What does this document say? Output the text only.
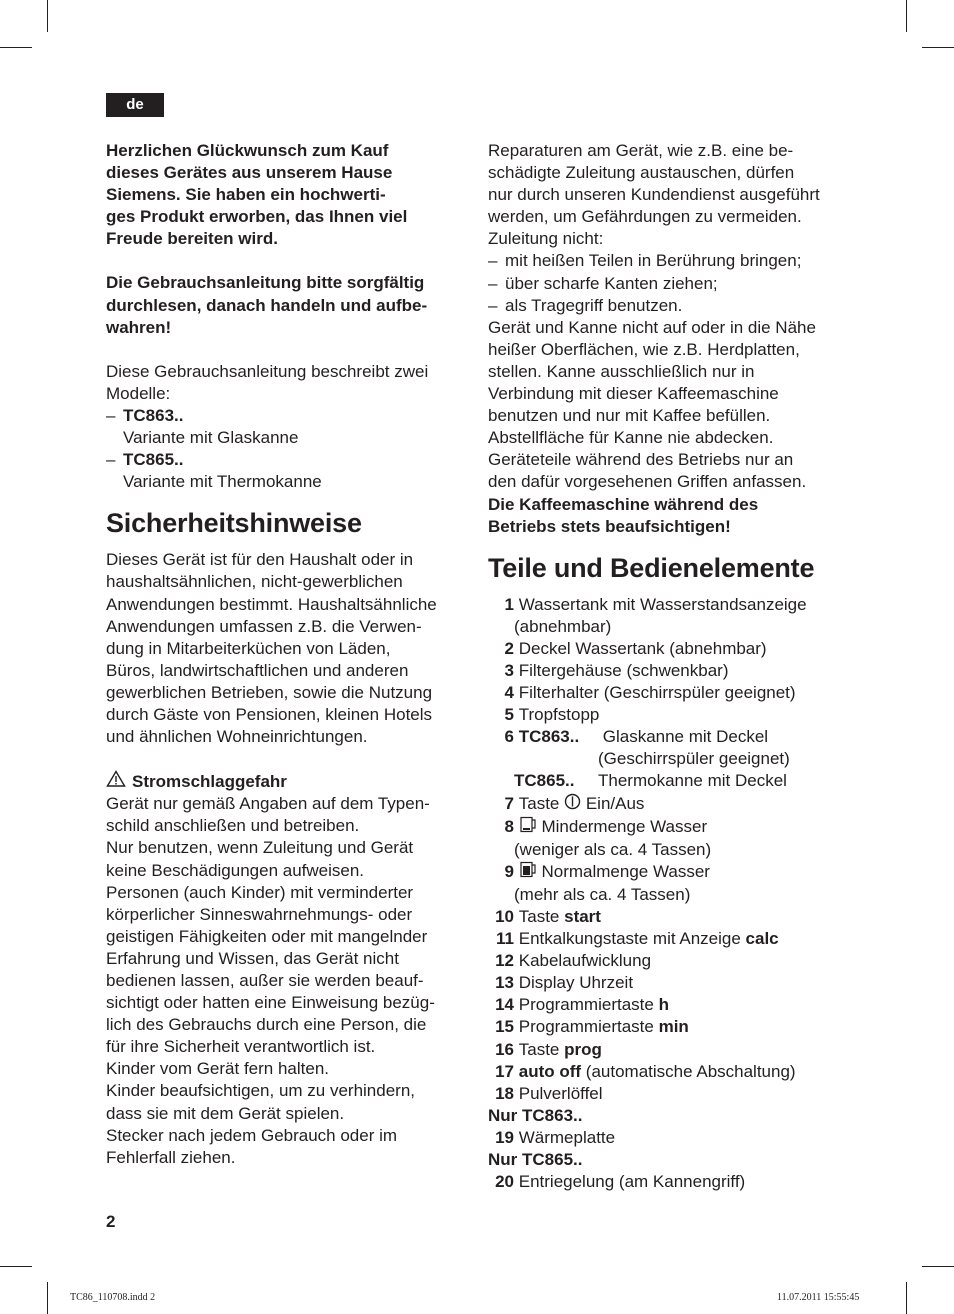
de

Herzlichen Glückwunsch zum Kauf

dieses Gerätes aus unserem Hause

Siemens. Sie haben ein hochwerti-

ges Produkt erworben, das Ihnen viel

Freude bereiten wird.

Die Gebrauchsanleitung bitte sorgfältig

durchlesen, danach handeln und aufbe-

wahren!

Diese Gebrauchsanleitung beschreibt zwei

Modelle:

– TC863..
Variante mit Glaskanne
– TC865..
Variante mit Thermokanne
Sicherheitshinweise

Dieses Gerät ist für den Haushalt oder in

haushaltsähnlichen, nicht-gewerblichen

Anwendungen bestimmt. Haushaltsähnliche

Anwendungen umfassen z.B. die Verwen-

dung in Mitarbeiterküchen von Läden,

Büros, landwirtschaftlichen und anderen

gewerblichen Betrieben, sowie die Nutzung

durch Gäste von Pensionen, kleinen Hotels

und ähnlichen Wohneinrichtungen.

Stromschlaggefahr

Gerät nur gemäß Angaben auf dem Typen-

schild anschließen und betreiben.

Nur benutzen, wenn Zuleitung und Gerät

keine Beschädigungen aufweisen.

Personen (auch Kinder) mit verminderter

körperlicher Sinneswahrnehmungs- oder

geistigen Fähigkeiten oder mit mangelnder

Erfahrung und Wissen, das Gerät nicht

bedienen lassen, außer sie werden beauf-

sichtigt oder hatten eine Einweisung bezüg-

lich des Gebrauchs durch eine Person, die

für ihre Sicherheit verantwortlich ist.

Kinder vom Gerät fern halten.

Kinder beaufsichtigen, um zu verhindern,

dass sie mit dem Gerät spielen.

Stecker nach jedem Gebrauch oder im

Fehlerfall ziehen.

Reparaturen am Gerät, wie z.B. eine be-

schädigte Zuleitung austauschen, dürfen

nur durch unseren Kundendienst ausgeführt

werden, um Gefährdungen zu vermeiden.

Zuleitung nicht:

– mit heißen Teilen in Berührung bringen;
– über scharfe Kanten ziehen;
– als Tragegriff benutzen.

Gerät und Kanne nicht auf oder in die Nähe

heißer Oberflächen, wie z.B. Herdplatten,

stellen. Kanne ausschließlich nur in

Verbindung mit dieser Kaffeemaschine

benutzen und nur mit Kaffee befüllen.

Abstellfläche für Kanne nie abdecken.

Geräteteile während des Betriebs nur an

den dafür vorgesehenen Griffen anfassen.

Die Kaffeemaschine während des

Betriebs stets beaufsichtigen!

Teile und Bedienelemente
1
Wassertank mit Wasserstandsanzeige
(abnehmbar)
2
Deckel Wassertank (abnehmbar)
3
Filtergehäuse (schwenkbar)
4
Filterhalter (Geschirrspüler geeignet)
5
Tropfstopp
6
TC863..	Glaskanne mit Deckel
(Geschirrspüler geeignet)
TC865.. Thermokanne mit Deckel
7
Taste

Ein/Aus
8

Mindermenge Wasser
(weniger als ca. 4 Tassen)
9

Normalmenge Wasser
(mehr als ca. 4 Tassen)
10
Taste
start
11
Entkalkungstaste mit Anzeige
calc
12
Kabelaufwicklung
13
Display Uhrzeit
14
Programmiertaste
h
15
Programmiertaste
min
16
Taste
prog
17
auto off
(automatische Abschaltung)
18
Pulverlöffel
Nur TC863..
19
Wärmeplatte
Nur TC865..
20
Entriegelung (am Kannengriff)
2
TC86_110708.indd 2	11.07.2011 15:55:45
